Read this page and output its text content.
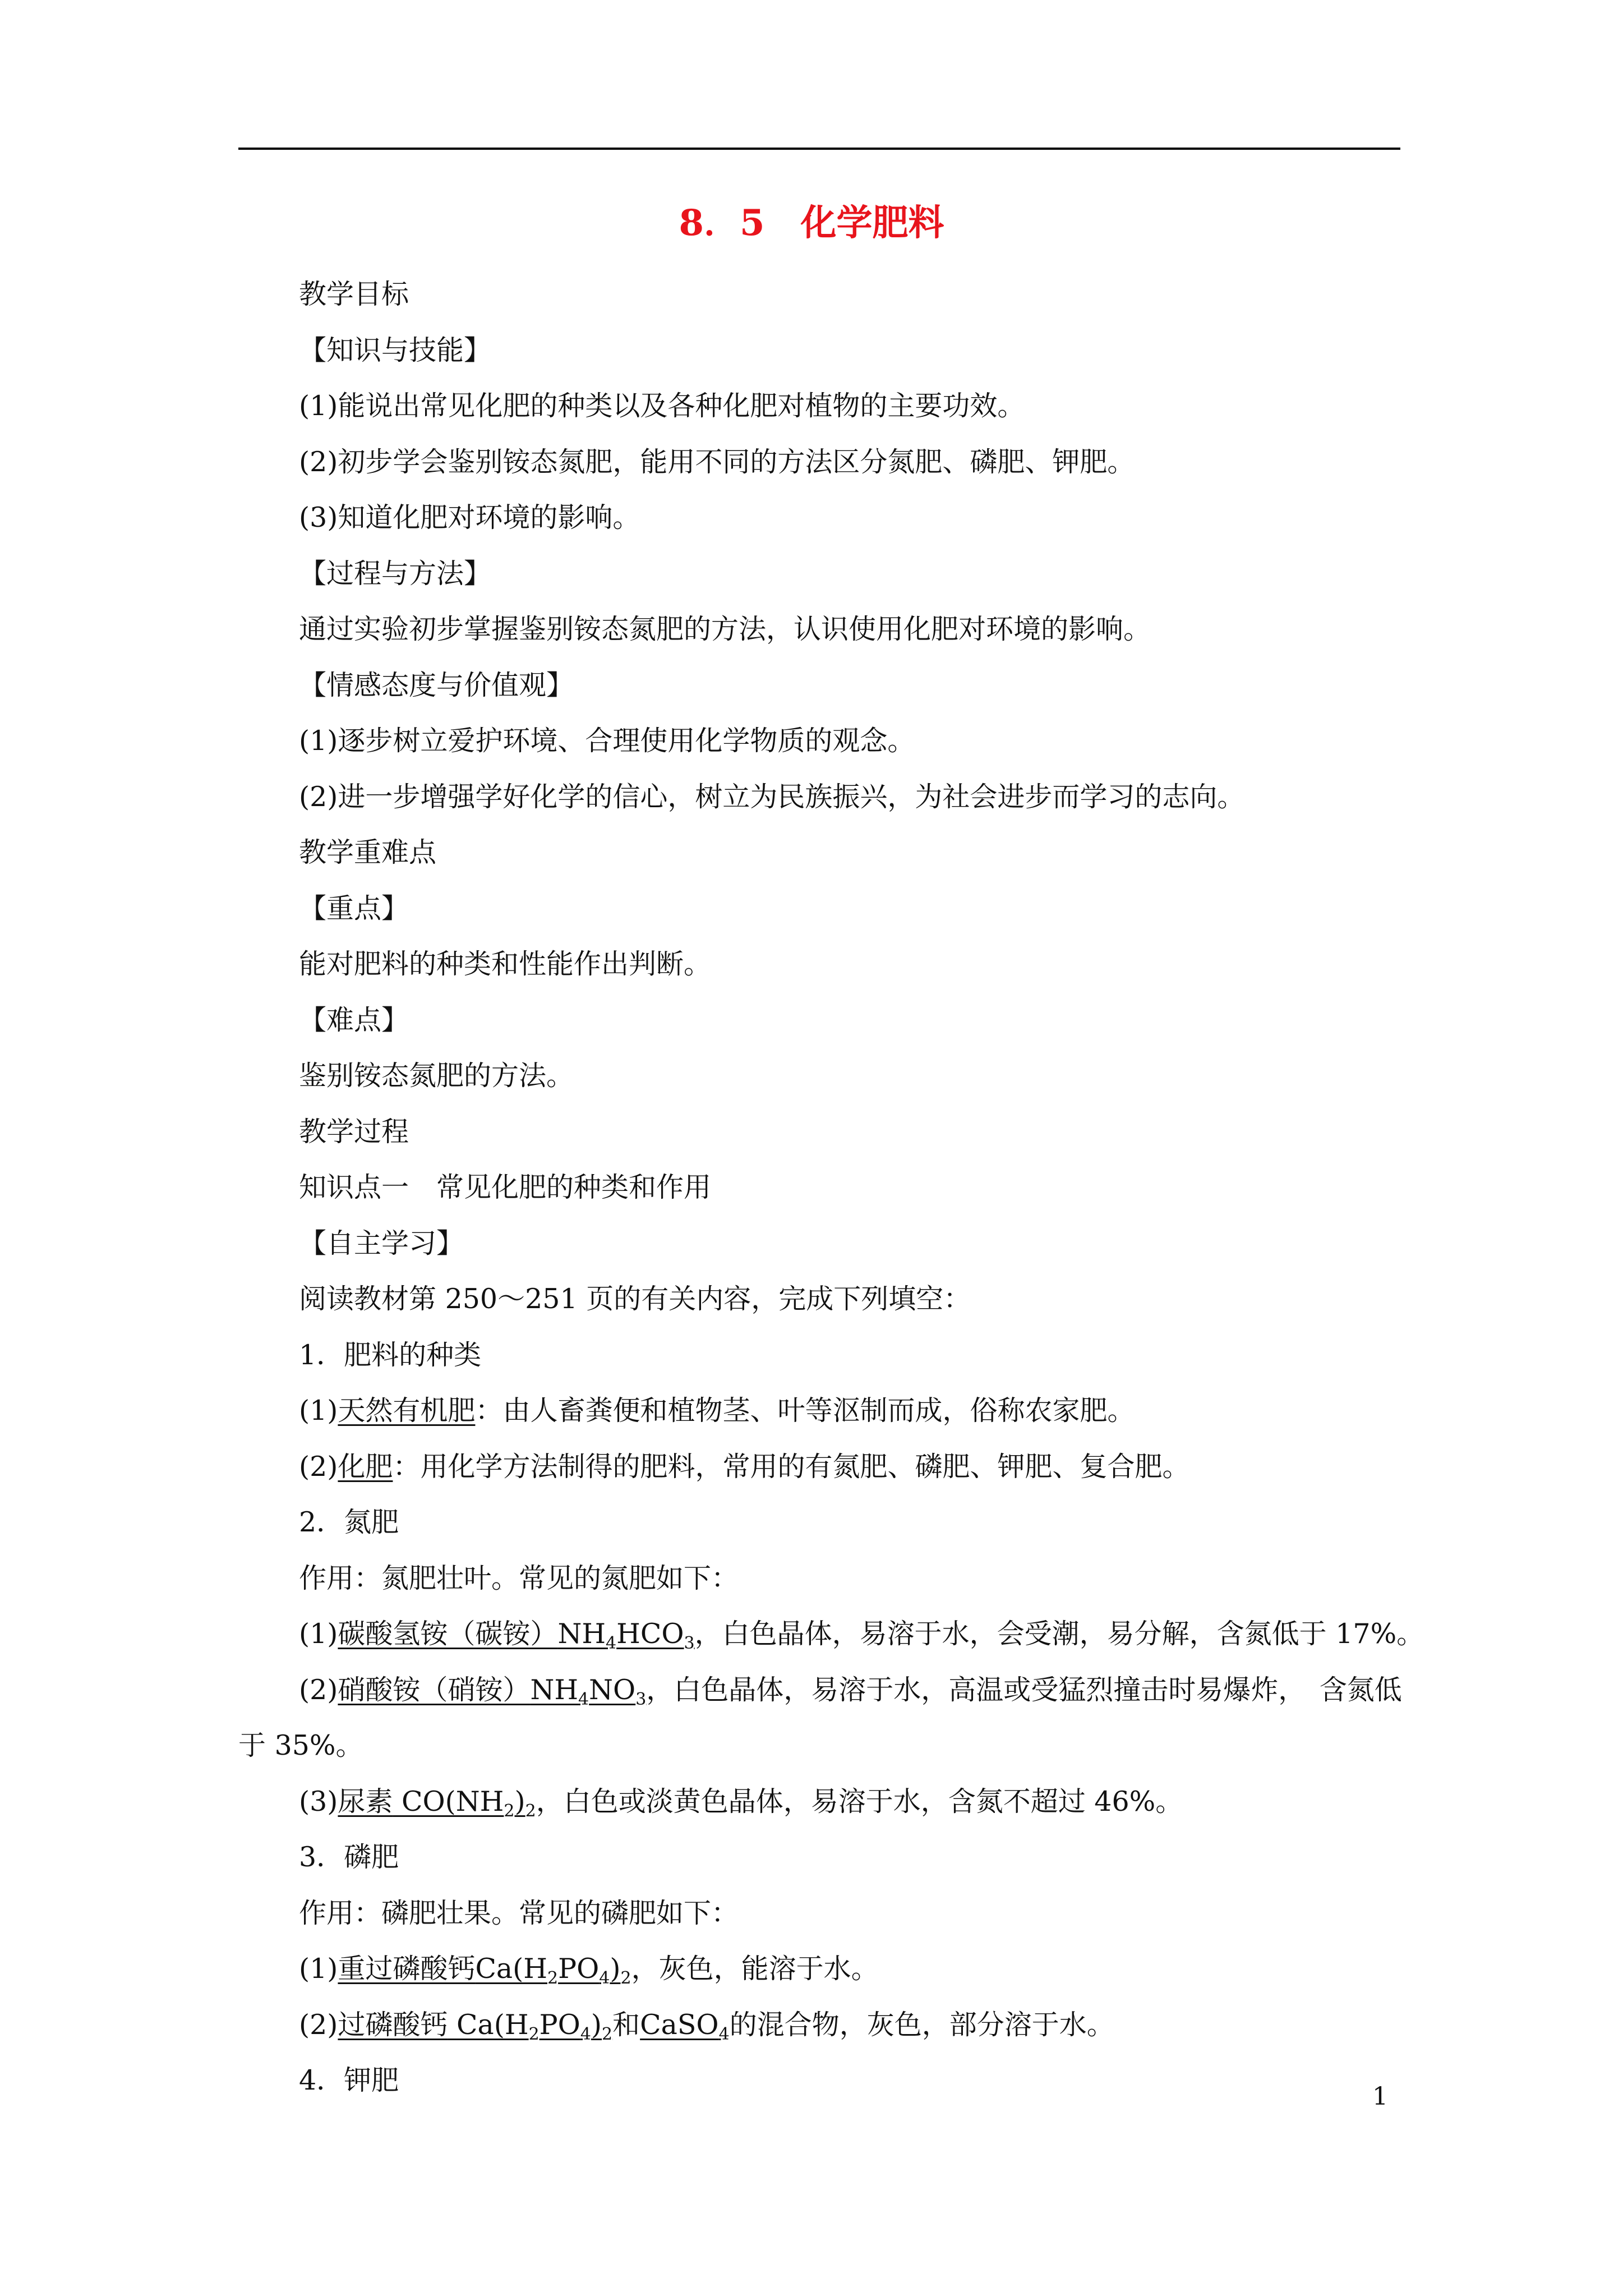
8．5　化学肥料
教学目标
【知识与技能】
(1)能说出常见化肥的种类以及各种化肥对植物的主要功效。
(2)初步学会鉴别铵态氮肥，能用不同的方法区分氮肥、磷肥、钾肥。
(3)知道化肥对环境的影响。
【过程与方法】
通过实验初步掌握鉴别铵态氮肥的方法，认识使用化肥对环境的影响。
【情感态度与价值观】
(1)逐步树立爱护环境、合理使用化学物质的观念。
(2)进一步增强学好化学的信心，树立为民族振兴，为社会进步而学习的志向。
教学重难点
【重点】
能对肥料的种类和性能作出判断。
【难点】
鉴别铵态氮肥的方法。
教学过程
知识点一　常见化肥的种类和作用
【自主学习】
阅读教材第 250～251 页的有关内容，完成下列填空：
1．肥料的种类
(1)天然有机肥：由人畜粪便和植物茎、叶等沤制而成，俗称农家肥。
(2)化肥：用化学方法制得的肥料，常用的有氮肥、磷肥、钾肥、复合肥。
2．氮肥
作用：氮肥壮叶。常见的氮肥如下：
(1)碳酸氢铵（碳铵）$NH_4HCO_3$，白色晶体，易溶于水，会受潮，易分解，含氮低于 17%。
(2)硝酸铵（硝铵）$NH_4NO_3$，白色晶体，易溶于水，高温或受猛烈撞击时易爆炸，　含氮低
于 35%。
(3)尿素 $CO(NH_2)_2$，白色或淡黄色晶体，易溶于水，含氮不超过 46%。
3．磷肥
作用：磷肥壮果。常见的磷肥如下：
(1)重过磷酸钙$Ca(H_2PO_4)_2$，灰色，能溶于水。
(2)过磷酸钙 $Ca(H_2PO_4)_2$和CaSO$_4$的混合物，灰色，部分溶于水。
4．钾肥
1
